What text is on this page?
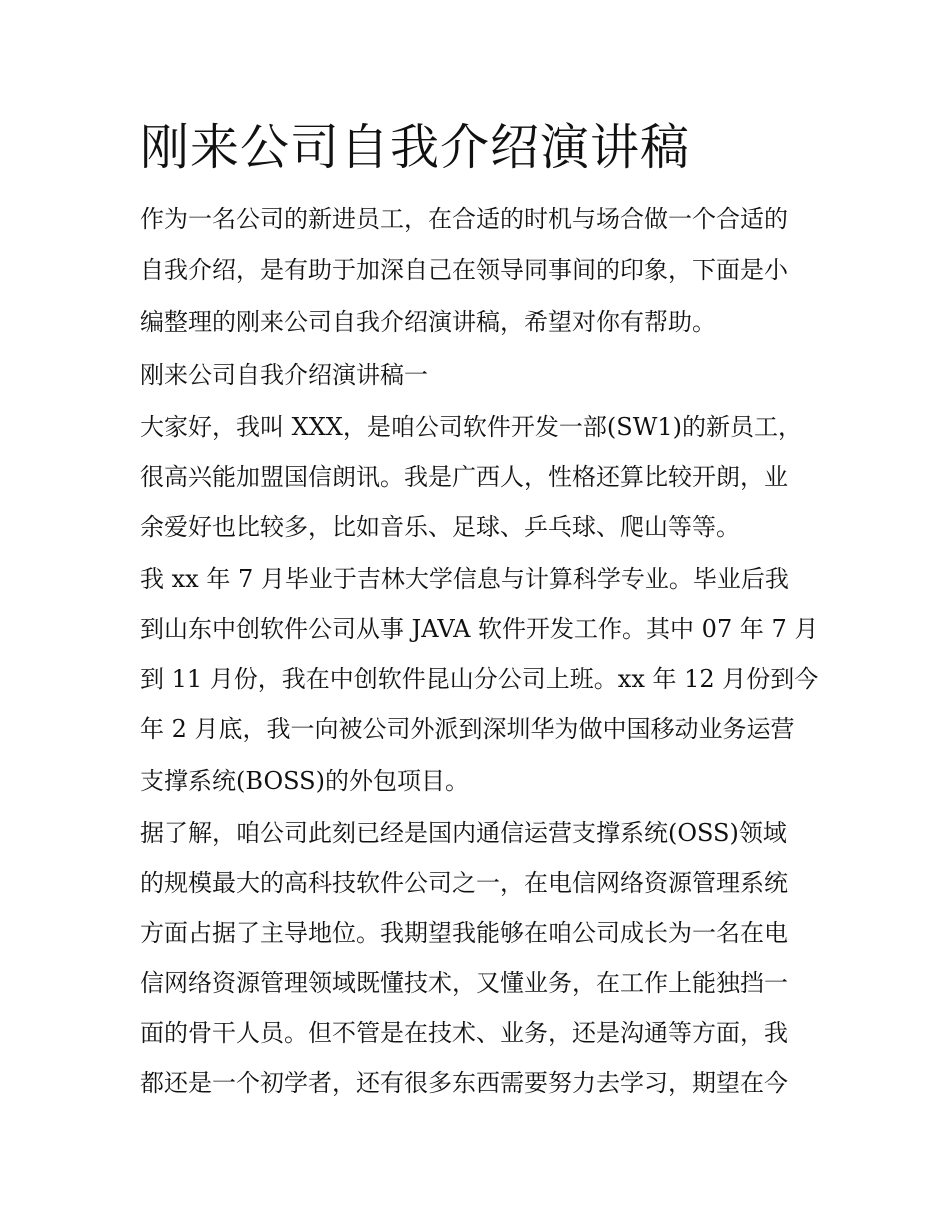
刚来公司自我介绍演讲稿

作为一名公司的新进员工，在合适的时机与场合做一个合适的

自我介绍，是有助于加深自己在领导同事间的印象，下面是小

编整理的刚来公司自我介绍演讲稿，希望对你有帮助。

刚来公司自我介绍演讲稿一

大家好，我叫 XXX，是咱公司软件开发一部(SW1)的新员工，

很高兴能加盟国信朗讯。我是广西人，性格还算比较开朗，业

余爱好也比较多，比如音乐、足球、乒乓球、爬山等等。

我 xx 年 7 月毕业于吉林大学信息与计算科学专业。毕业后我

到山东中创软件公司从事 JAVA 软件开发工作。其中 07 年 7 月

到 11 月份，我在中创软件昆山分公司上班。xx 年 12 月份到今

年 2 月底，我一向被公司外派到深圳华为做中国移动业务运营

支撑系统(BOSS)的外包项目。

据了解，咱公司此刻已经是国内通信运营支撑系统(OSS)领域

的规模最大的高科技软件公司之一，在电信网络资源管理系统

方面占据了主导地位。我期望我能够在咱公司成长为一名在电

信网络资源管理领域既懂技术，又懂业务，在工作上能独挡一

面的骨干人员。但不管是在技术、业务，还是沟通等方面，我

都还是一个初学者，还有很多东西需要努力去学习，期望在今
